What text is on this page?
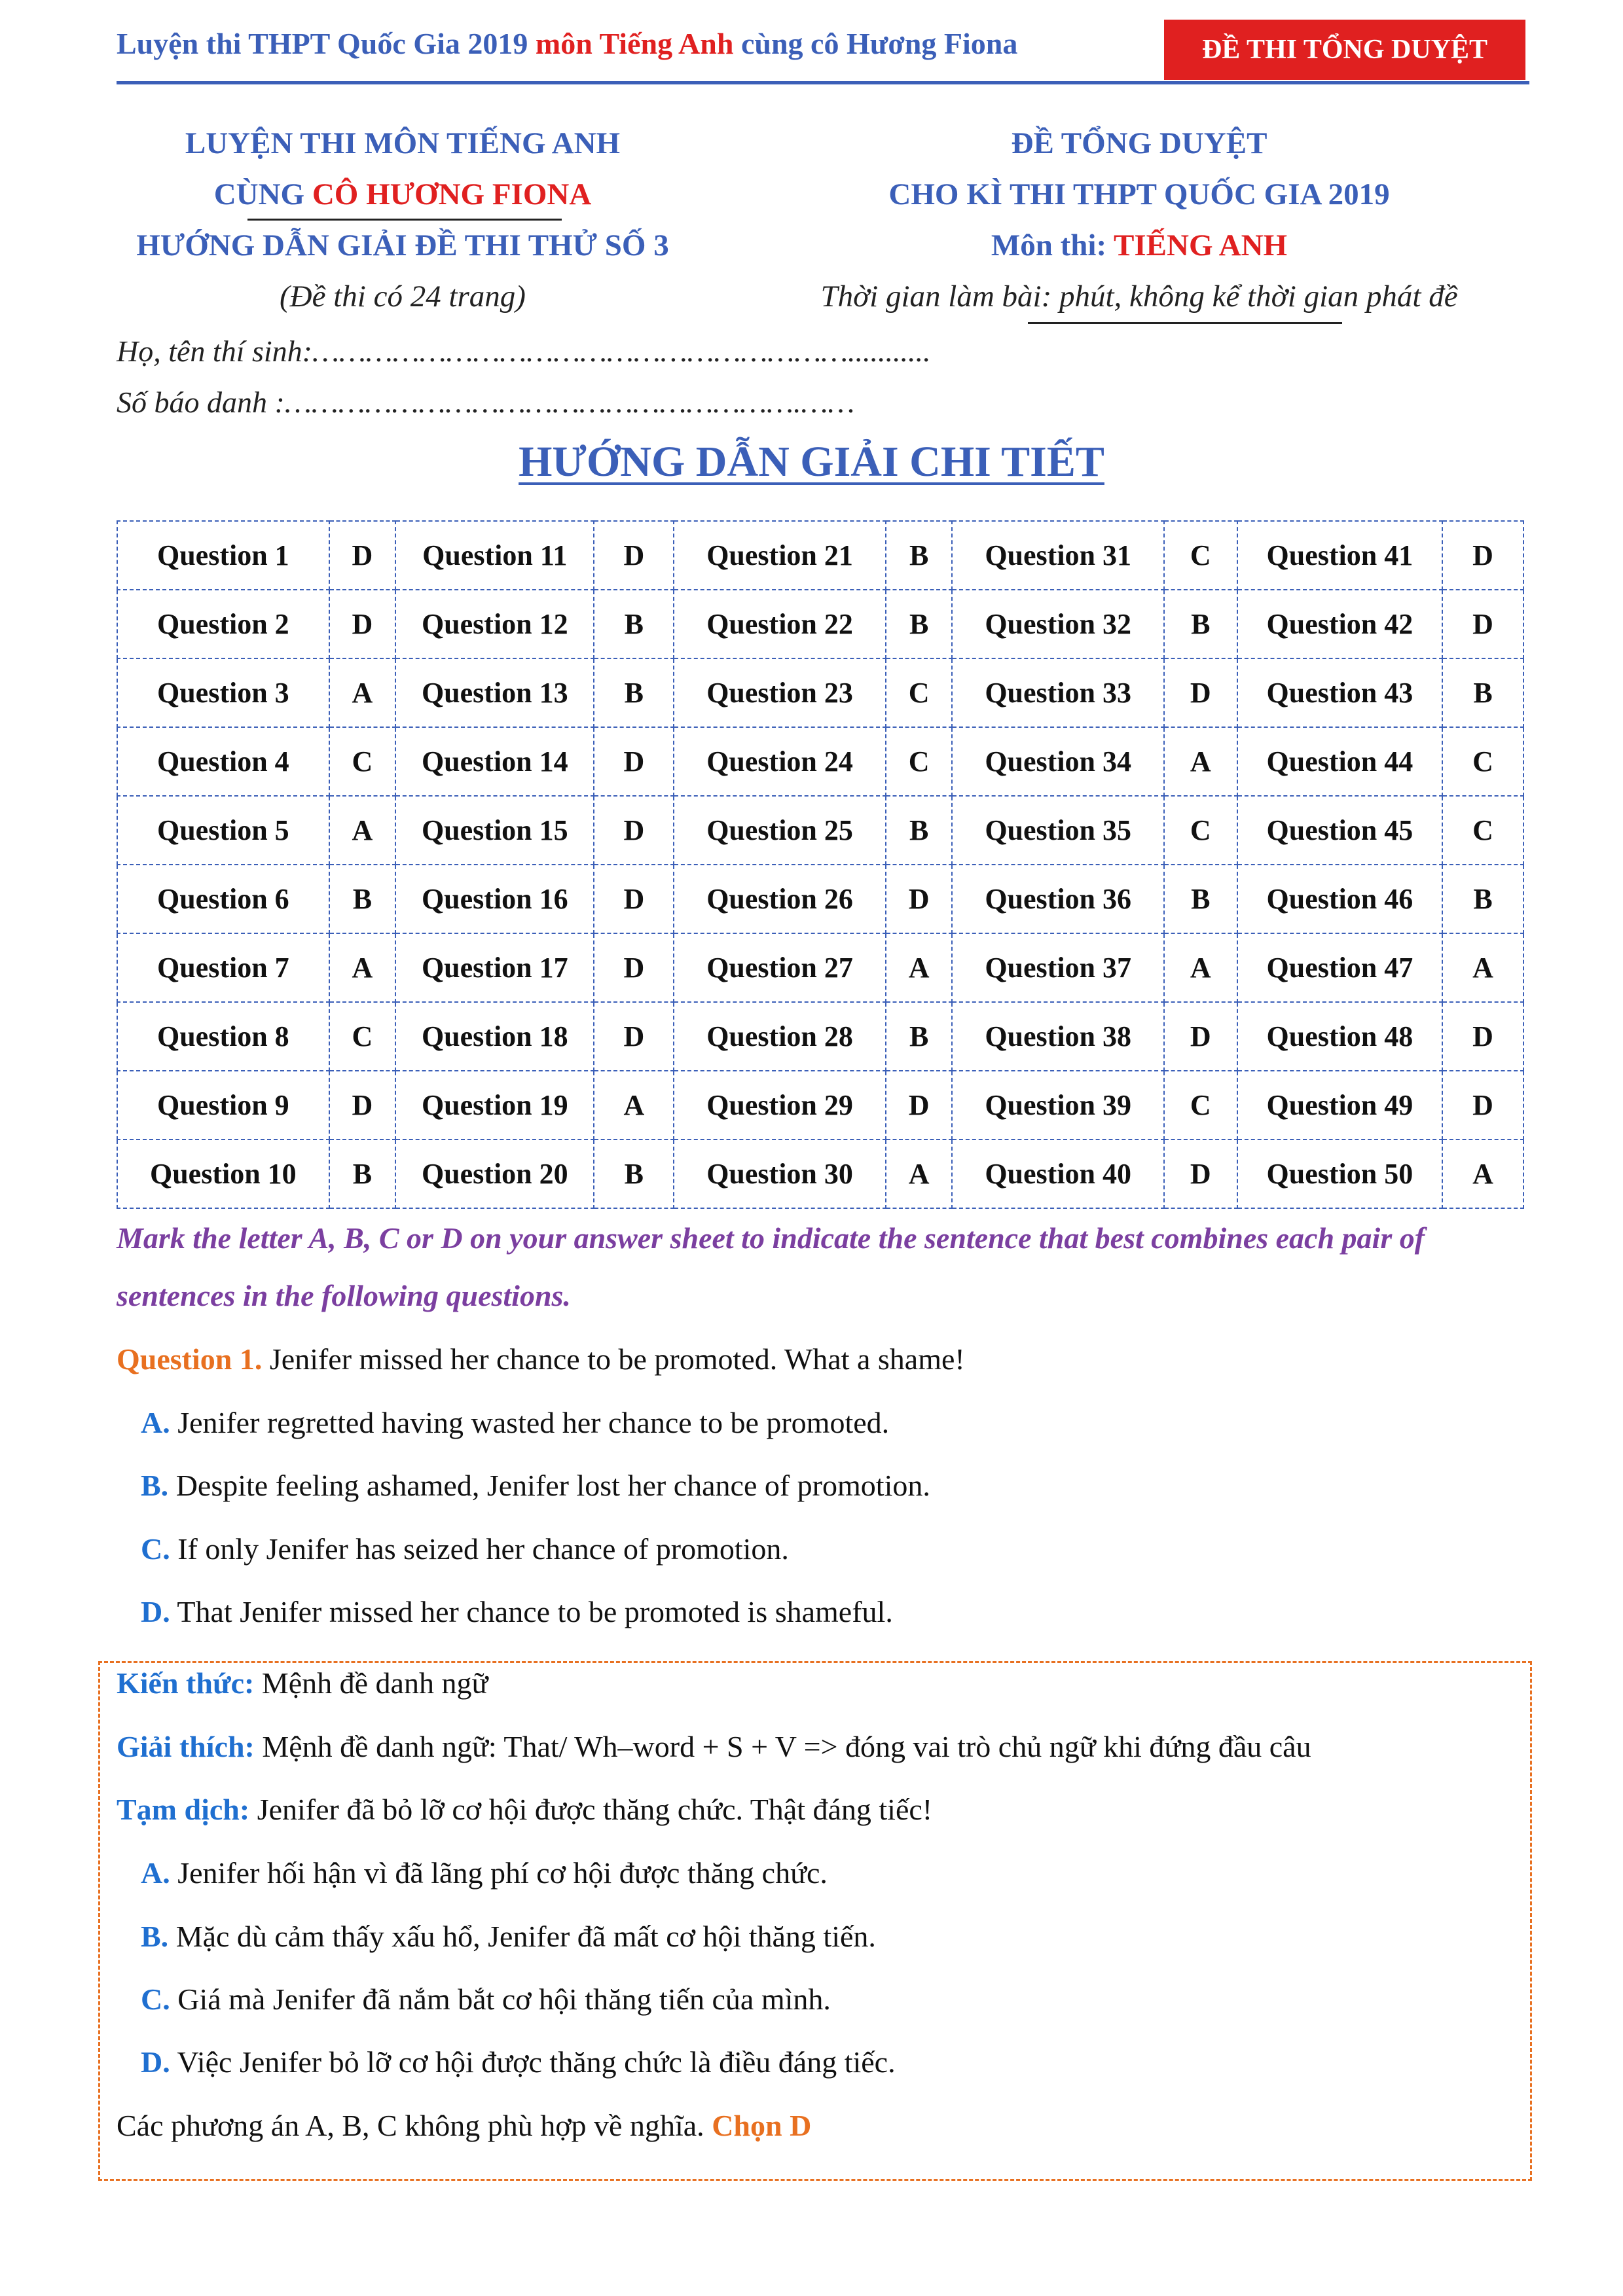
Luyện thi THPT Quốc Gia 2019 môn Tiếng Anh cùng cô Hương Fiona	ĐỀ THI TỔNG DUYỆT
LUYỆN THI MÔN TIẾNG ANH
CÙNG CÔ HƯƠNG FIONA
HƯỚNG DẪN GIẢI ĐỀ THI THỬ SỐ 3
(Đề thi có 24 trang)
ĐỀ TỔNG DUYỆT
CHO KÌ THI THPT QUỐC GIA 2019
Môn thi: TIẾNG ANH
Thời gian làm bài: phút, không kể thời gian phát đề
Họ, tên thí sinh:……………………………………………………...........
Số báo danh :………………………………………………….……
HƯỚNG DẪN GIẢI CHI TIẾT
Question 1	D	Question 11	D	Question 21	B	Question 31	C	Question 41	D
Question 2	D	Question 12	B	Question 22	B	Question 32	B	Question 42	D
Question 3	A	Question 13	B	Question 23	C	Question 33	D	Question 43	B
Question 4	C	Question 14	D	Question 24	C	Question 34	A	Question 44	C
Question 5	A	Question 15	D	Question 25	B	Question 35	C	Question 45	C
Question 6	B	Question 16	D	Question 26	D	Question 36	B	Question 46	B
Question 7	A	Question 17	D	Question 27	A	Question 37	A	Question 47	A
Question 8	C	Question 18	D	Question 28	B	Question 38	D	Question 48	D
Question 9	D	Question 19	A	Question 29	D	Question 39	C	Question 49	D
Question 10	B	Question 20	B	Question 30	A	Question 40	D	Question 50	A
Mark the letter A, B, C or D on your answer sheet to indicate the sentence that best combines each pair of sentences in the following questions.
Question 1. Jenifer missed her chance to be promoted. What a shame!
A. Jenifer regretted having wasted her chance to be promoted.
B. Despite feeling ashamed, Jenifer lost her chance of promotion.
C. If only Jenifer has seized her chance of promotion.
D. That Jenifer missed her chance to be promoted is shameful.
Kiến thức: Mệnh đề danh ngữ
Giải thích: Mệnh đề danh ngữ: That/ Wh–word + S + V => đóng vai trò chủ ngữ khi đứng đầu câu
Tạm dịch: Jenifer đã bỏ lỡ cơ hội được thăng chức. Thật đáng tiếc!
A. Jenifer hối hận vì đã lãng phí cơ hội được thăng chức.
B. Mặc dù cảm thấy xấu hổ, Jenifer đã mất cơ hội thăng tiến.
C. Giá mà Jenifer đã nắm bắt cơ hội thăng tiến của mình.
D. Việc Jenifer bỏ lỡ cơ hội được thăng chức là điều đáng tiếc.
Các phương án A, B, C không phù hợp về nghĩa. Chọn D
